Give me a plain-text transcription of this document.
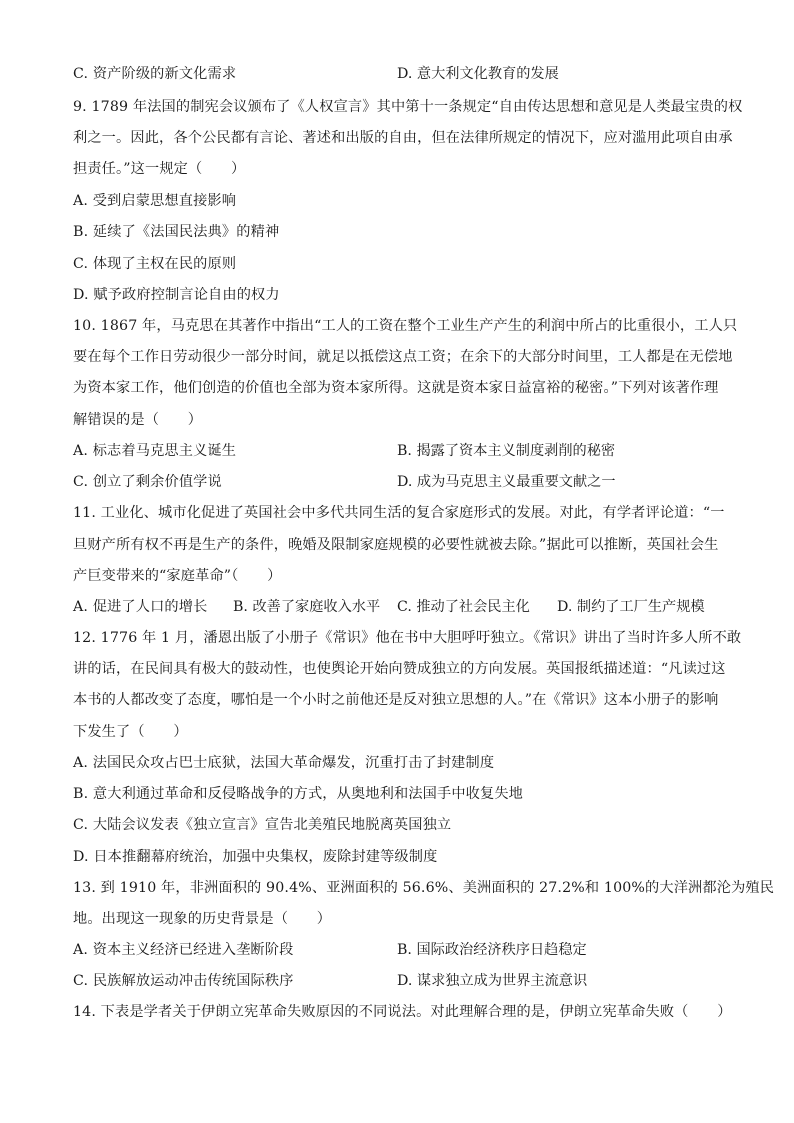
C. 资产阶级的新文化需求	D. 意大利文化教育的发展
9. 1789 年法国的制宪会议颁布了《人权宣言》其中第十一条规定“自由传达思想和意见是人类最宝贵的权
利之一。因此，各个公民都有言论、著述和出版的自由，但在法律所规定的情况下，应对滥用此项自由承
担责任。”这一规定（　　）
A. 受到启蒙思想直接影响
B. 延续了《法国民法典》的精神
C. 体现了主权在民的原则
D. 赋予政府控制言论自由的权力
10. 1867 年，马克思在其著作中指出“工人的工资在整个工业生产产生的利润中所占的比重很小，工人只
要在每个工作日劳动很少一部分时间，就足以抵偿这点工资；在余下的大部分时间里，工人都是在无偿地
为资本家工作，他们创造的价值也全部为资本家所得。这就是资本家日益富裕的秘密。”下列对该著作理
解错误的是（　　）
A. 标志着马克思主义诞生	B. 揭露了资本主义制度剥削的秘密
C. 创立了剩余价值学说	D. 成为马克思主义最重要文献之一
11. 工业化、城市化促进了英国社会中多代共同生活的复合家庭形式的发展。对此，有学者评论道：“一
旦财产所有权不再是生产的条件，晚婚及限制家庭规模的必要性就被去除。”据此可以推断，英国社会生
产巨变带来的“家庭革命”（　　）
A. 促进了人口的增长 B. 改善了家庭收入水平 C. 推动了社会民主化 D. 制约了工厂生产规模
12. 1776 年 1 月，潘恩出版了小册子《常识》他在书中大胆呼吁独立。《常识》讲出了当时许多人所不敢
讲的话，在民间具有极大的鼓动性，也使舆论开始向赞成独立的方向发展。英国报纸描述道：“凡读过这
本书的人都改变了态度，哪怕是一个小时之前他还是反对独立思想的人。”在《常识》这本小册子的影响
下发生了（　　）
A. 法国民众攻占巴士底狱，法国大革命爆发，沉重打击了封建制度
B. 意大利通过革命和反侵略战争的方式，从奥地利和法国手中收复失地
C. 大陆会议发表《独立宣言》宣告北美殖民地脱离英国独立
D. 日本推翻幕府统治，加强中央集权，废除封建等级制度
13. 到 1910 年，非洲面积的 90.4%、亚洲面积的 56.6%、美洲面积的 27.2%和 100%的大洋洲都沦为殖民
地。出现这一现象的历史背景是（　　）
A. 资本主义经济已经进入垄断阶段	B. 国际政治经济秩序日趋稳定
C. 民族解放运动冲击传统国际秩序	D. 谋求独立成为世界主流意识
14. 下表是学者关于伊朗立宪革命失败原因的不同说法。对此理解合理的是，伊朗立宪革命失败（　　）
